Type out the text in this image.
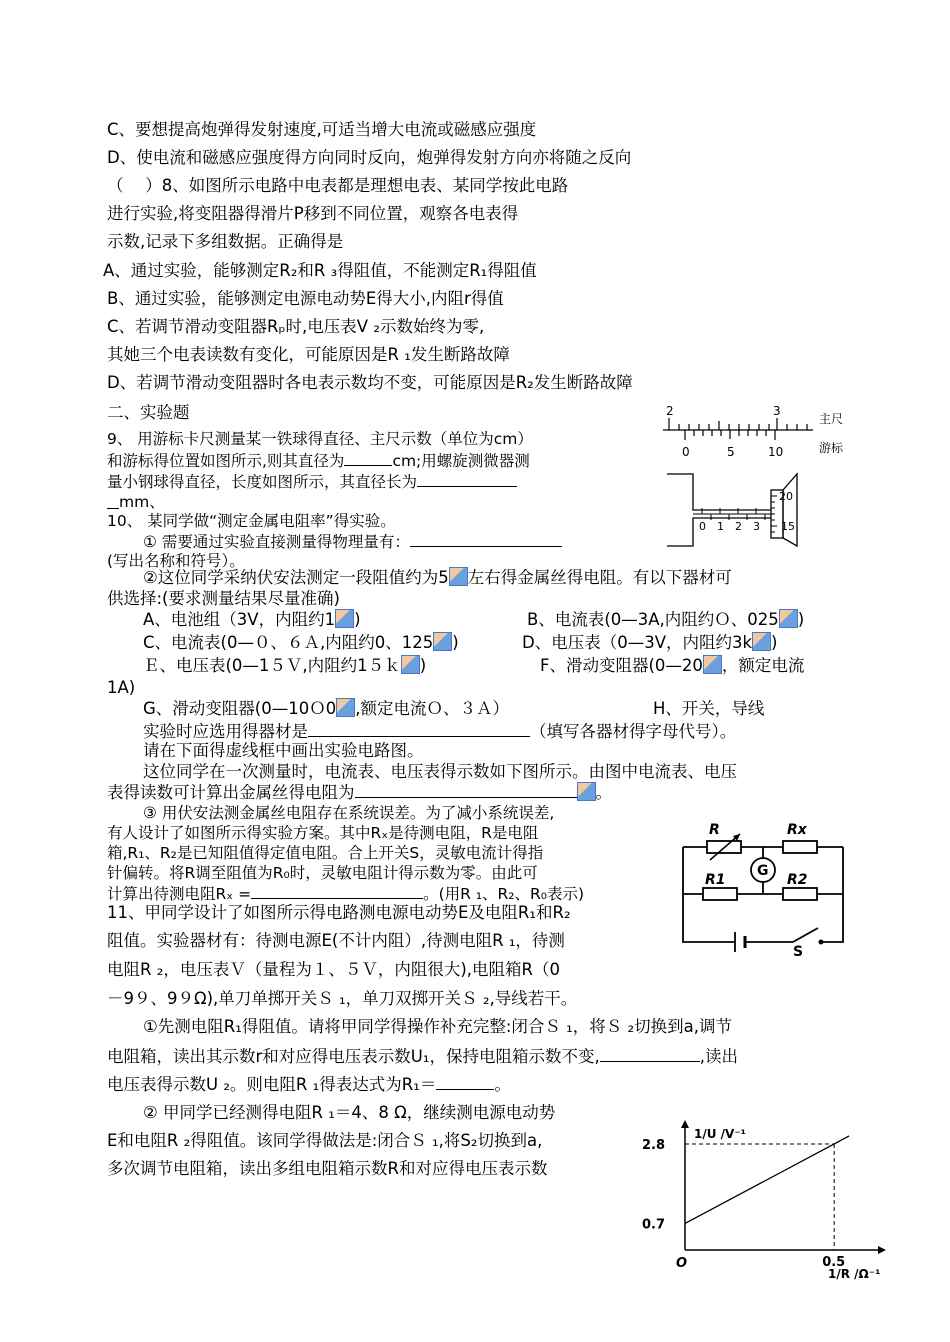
C、要想提高炮弹得发射速度,可适当增大电流或磁感应强度
D、使电流和磁感应强度得方向同时反向，炮弹得发射方向亦将随之反向
（　 ）8、如图所示电路中电表都是理想电表、某同学按此电路
进行实验,将变阻器得滑片P移到不同位置，观察各电表得
示数,记录下多组数据。正确得是
A、通过实验，能够测定R₂和R ₃得阻值，不能测定R₁得阻值
B、通过实验，能够测定电源电动势E得大小,内阻r得值
C、若调节滑动变阻器Rₚ时,电压表Ⅴ ₂示数始终为零,
其她三个电表读数有变化，可能原因是R ₁发生断路故障
D、若调节滑动变阻器时各电表示数均不变，可能原因是R₂发生断路故障
二、实验题
9、 用游标卡尺测量某一铁球得直径、主尺示数（单位为cm）
和游标得位置如图所示,则其直径为	cm;用螺旋测微器测
量小钢球得直径，长度如图所示，其直径长为
mm、
10、 某同学做“测定金属电阻率”得实验。
① 需要通过实验直接测量得物理量有：
(写出名称和符号）。
②这位同学采纳伏安法测定一段阻值约为5 左右得金属丝得电阻。有以下器材可
供选择:(要求测量结果尽量准确)
A、电池组（3V，内阻约1 )	B、电流表(0—3A,内阻约Ｏ、025 )
C、电流表(0—０、６Ａ,内阻约0、125 )	D、电压表（0—3V，内阻约3k )
Ｅ、电压表(0—1５Ｖ,内阻约1５ｋ )	F、滑动变阻器(0—20 ，额定电流
1A)
G、滑动变阻器(0—10Ｏ0 ,额定电流Ｏ、３Ａ）	H、开关，导线
实验时应选用得器材是	（填写各器材得字母代号）。
请在下面得虚线框中画出实验电路图。
这位同学在一次测量时，电流表、电压表得示数如下图所示。由图中电流表、电压
表得读数可计算出金属丝得电阻为	。
③ 用伏安法测金属丝电阻存在系统误差。为了减小系统误差,
有人设计了如图所示得实验方案。其中Rₓ是待测电阻，R是电阻
箱,R₁、R₂是已知阻值得定值电阻。合上开关S，灵敏电流计得指
针偏转。将R调至阻值为R₀时，灵敏电阻计得示数为零。由此可
计算出待测电阻Rₓ =	。(用R ₁、R₂、R₀表示)
11、甲同学设计了如图所示得电路测电源电动势E及电阻R₁和R₂
阻值。实验器材有：待测电源E(不计内阻）,待测电阻R ₁，待测
电阻R ₂，电压表Ｖ（量程为１、５Ｖ，内阻很大),电阻箱R（0
－9９、9９Ω),单刀单掷开关Ｓ ₁，单刀双掷开关Ｓ ₂,导线若干。
①先测电阻R₁得阻值。请将甲同学得操作补充完整:闭合Ｓ ₁，将Ｓ ₂切换到a,调节
电阻箱，读出其示数r和对应得电压表示数U₁，保持电阻箱示数不变,	,读出
电压表得示数U ₂。则电阻R ₁得表达式为R₁＝	。
② 甲同学已经测得电阻R ₁＝4、8 Ω，继续测电源电动势
E和电阻R ₂得阻值。该同学得做法是:闭合Ｓ ₁,将S₂切换到a,
多次调节电阻箱，读出多组电阻箱示数R和对应得电压表示数
2	3
0	5	10
主尺
游标
0 1 2 3
20
15
R	Rx
R1	R2
G
S
2.8
0.7
0.5
O
1/U /V⁻¹
1/R /Ω⁻¹
